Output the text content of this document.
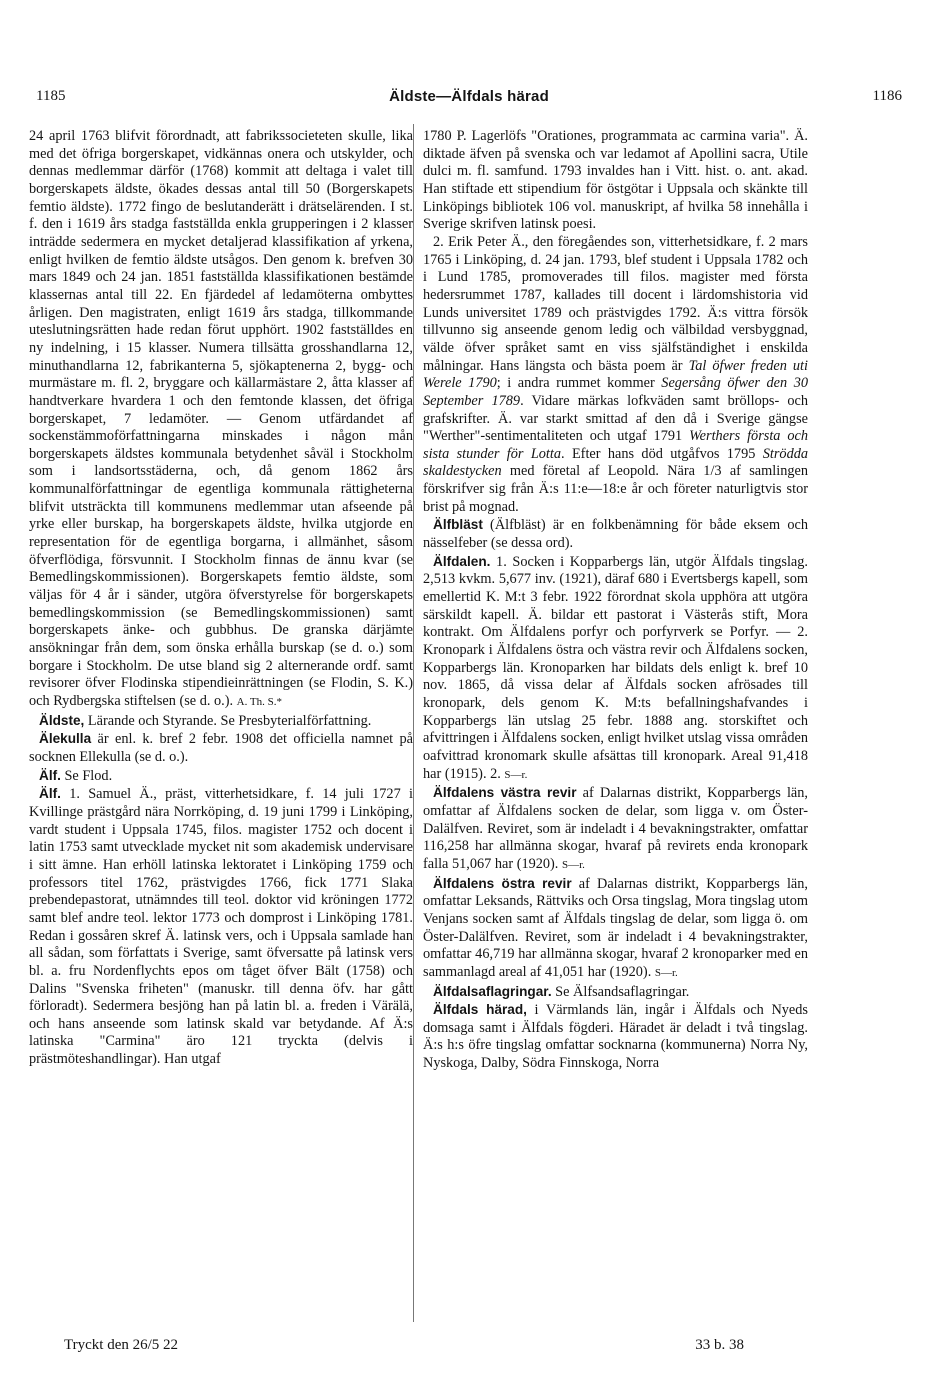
1185	Äldste—Älfdals härad	1186

24 april 1763 blifvit förordnadt, att fabrikssocieteten skulle, lika med det öfriga borgerskapet, vidkännas onera och utskylder, och dennas medlemmar därför (1768) kommit att deltaga i valet till borgerskapets äldste, ökades dessas antal till 50 (Borgerskapets femtio äldste). 1772 fingo de beslutanderätt i drätselärenden. I st. f. den i 1619 års stadga fastställda enkla grupperingen i 2 klasser inträdde sedermera en mycket detaljerad klassifikation af yrkena, enligt hvilken de femtio äldste utsågos. Den genom k. brefven 30 mars 1849 och 24 jan. 1851 fastställda klassifikationen bestämde klassernas antal till 22. En fjärdedel af ledamöterna ombyttes årligen. Den magistraten, enligt 1619 års stadga, tillkommande uteslutningsrätten hade redan förut upphört. 1902 fastställdes en ny indelning, i 15 klasser. Numera tillsätta grosshandlarna 12, minuthandlarna 12, fabrikanterna 5, sjökaptenerna 2, bygg- och murmästare m. fl. 2, bryggare och källarmästare 2, åtta klasser af handtverkare hvardera 1 och den femtonde klassen, det öfriga borgerskapet, 7 ledamöter. — Genom utfärdandet af sockenstämmoförfattningarna minskades i någon mån borgerskapets äldstes kommunala betydenhet såväl i Stockholm som i landsortsstäderna, och, då genom 1862 års kommunalförfattningar de egentliga kommunala rättigheterna blifvit utsträckta till kommunens medlemmar utan afseende på yrke eller burskap, ha borgerskapets äldste, hvilka utgjorde en representation för de egentliga borgarna, i allmänhet, såsom öfverflödiga, försvunnit. I Stockholm finnas de ännu kvar (se Bemedlingskommissionen). Borgerskapets femtio äldste, som väljas för 4 år i sänder, utgöra öfverstyrelse för borgerskapets bemedlingskommission (se Bemedlingskommissionen) samt borgerskapets änke- och gubbhus. De granska därjämte ansökningar från dem, som önska erhålla burskap (se d. o.) som borgare i Stockholm. De utse bland sig 2 alternerande ordf. samt revisorer öfver Flodinska stipendieinrättningen (se Flodin, S. K.) och Rydbergska stiftelsen (se d. o.). A. Th. S.*

Äldste, Lärande och Styrande. Se Presbyterialförfattning.

Älekulla är enl. k. bref 2 febr. 1908 det officiella namnet på socknen Ellekulla (se d. o.).

Älf. Se Flod.

Älf. 1. Samuel Ä., präst, vitterhetsidkare, f. 14 juli 1727 i Kvillinge prästgård nära Norrköping, d. 19 juni 1799 i Linköping, vardt student i Uppsala 1745, filos. magister 1752 och docent i latin 1753 samt utvecklade mycket nit som akademisk undervisare i sitt ämne. Han erhöll latinska lektoratet i Linköping 1759 och professors titel 1762, prästvigdes 1766, fick 1771 Slaka prebendepastorat, utnämndes till teol. doktor vid kröningen 1772 samt blef andre teol. lektor 1773 och domprost i Linköping 1781. Redan i gossåren skref Ä. latinsk vers, och i Uppsala samlade han all sådan, som författats i Sverige, samt öfversatte på latinsk vers bl. a. fru Nordenflychts epos om tåget öfver Bält (1758) och Dalins "Svenska friheten" (manuskr. till denna öfv. har gått förloradt). Sedermera besjöng han på latin bl. a. freden i Värälä, och hans anseende som latinsk skald var betydande. Af Ä:s latinska "Carmina" äro 121 tryckta (delvis i prästmöteshandlingar). Han utgaf

1780 P. Lagerlöfs "Orationes, programmata ac carmina varia". Ä. diktade äfven på svenska och var ledamot af Apollini sacra, Utile dulci m. fl. samfund. 1793 invaldes han i Vitt. hist. o. ant. akad. Han stiftade ett stipendium för östgötar i Uppsala och skänkte till Linköpings bibliotek 106 vol. manuskript, af hvilka 58 innehålla i Sverige skrifven latinsk poesi.

2. Erik Peter Ä., den föregåendes son, vitterhetsidkare, f. 2 mars 1765 i Linköping, d. 24 jan. 1793, blef student i Uppsala 1782 och i Lund 1785, promoverades till filos. magister med första hedersrummet 1787, kallades till docent i lärdomshistoria vid Lunds universitet 1789 och prästvigdes 1792. Ä:s vittra försök tillvunno sig anseende genom ledig och välbildad versbyggnad, välde öfver språket samt en viss själfständighet i enskilda målningar. Hans längsta och bästa poem är Tal öfwer freden uti Werele 1790; i andra rummet kommer Segersång öfwer den 30 September 1789. Vidare märkas lofkväden samt bröllops- och grafskrifter. Ä. var starkt smittad af den då i Sverige gängse "Werther"-sentimentaliteten och utgaf 1791 Werthers första och sista stunder för Lotta. Efter hans död utgåfvos 1795 Strödda skaldestycken med företal af Leopold. Nära 1/3 af samlingen förskrifver sig från Ä:s 11:e—18:e år och företer naturligtvis stor brist på mognad.

Älfbläst (Älfbläst) är en folkbenämning för både eksem och nässelfeber (se dessa ord).

Älfdalen. 1. Socken i Kopparbergs län, utgör Älfdals tingslag. 2,513 kvkm. 5,677 inv. (1921), däraf 680 i Evertsbergs kapell, som emellertid K. M:t 3 febr. 1922 förordnat skola upphöra att utgöra särskildt kapell. Ä. bildar ett pastorat i Västerås stift, Mora kontrakt. Om Älfdalens porfyr och porfyrverk se Porfyr. — 2. Kronopark i Älfdalens östra och västra revir och Älfdalens socken, Kopparbergs län. Kronoparken har bildats dels enligt k. bref 10 nov. 1865, då vissa delar af Älfdals socken afrösades till kronopark, dels genom K. M:ts befallningshafvandes i Kopparbergs län utslag 25 febr. 1888 ang. storskiftet och afvittringen i Älfdalens socken, enligt hvilket utslag vissa områden oafvittrad kronomark skulle afsättas till kronopark. Areal 91,418 har (1915). 2. S—r.

Älfdalens västra revir af Dalarnas distrikt, Kopparbergs län, omfattar af Älfdalens socken de delar, som ligga v. om Öster-Dalälfven. Reviret, som är indeladt i 4 bevakningstrakter, omfattar 116,258 har allmänna skogar, hvaraf på revirets enda kronopark falla 51,067 har (1920). S—r.

Älfdalens östra revir af Dalarnas distrikt, Kopparbergs län, omfattar Leksands, Rättviks och Orsa tingslag, Mora tingslag utom Venjans socken samt af Älfdals tingslag de delar, som ligga ö. om Öster-Dalälfven. Reviret, som är indeladt i 4 bevakningstrakter, omfattar 46,719 har allmänna skogar, hvaraf 2 kronoparker med en sammanlagd areal af 41,051 har (1920). S—r.

Älfdalsaflagringar. Se Älfsandsaflagringar.

Älfdals härad, i Värmlands län, ingår i Älfdals och Nyeds domsaga samt i Älfdals fögderi. Häradet är deladt i två tingslag. Ä:s h:s öfre tingslag omfattar socknarna (kommunerna) Norra Ny, Nyskoga, Dalby, Södra Finnskoga, Norra

Tryckt den 26/5 22	33 b. 38
